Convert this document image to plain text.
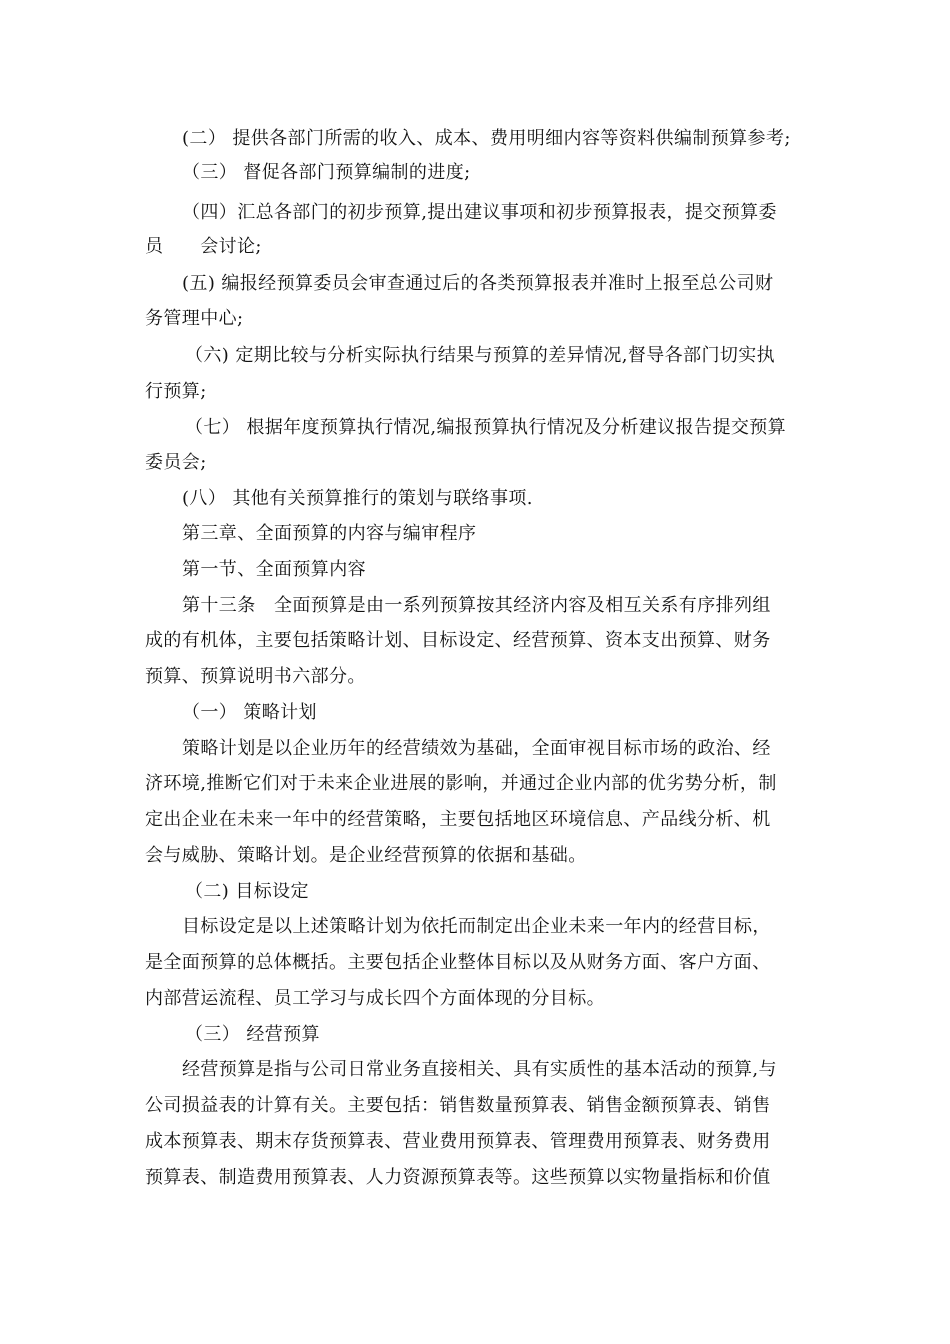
(二） 提供各部门所需的收入、成本、费用明细内容等资料供编制预算参考;
（三） 督促各部门预算编制的进度;
（四）汇总各部门的初步预算,提出建议事项和初步预算报表，提交预算委
员　　会讨论;
(五) 编报经预算委员会审查通过后的各类预算报表并准时上报至总公司财
务管理中心;
（六) 定期比较与分析实际执行结果与预算的差异情况,督导各部门切实执
行预算;
（七） 根据年度预算执行情况,编报预算执行情况及分析建议报告提交预算
委员会;
(八） 其他有关预算推行的策划与联络事项.
第三章、全面预算的内容与编审程序
第一节、全面预算内容
第十三条　全面预算是由一系列预算按其经济内容及相互关系有序排列组
成的有机体，主要包括策略计划、目标设定、经营预算、资本支出预算、财务
预算、预算说明书六部分。
（一） 策略计划
策略计划是以企业历年的经营绩效为基础，全面审视目标市场的政治、经
济环境,推断它们对于未来企业进展的影响，并通过企业内部的优劣势分析，制
定出企业在未来一年中的经营策略，主要包括地区环境信息、产品线分析、机
会与威胁、策略计划。是企业经营预算的依据和基础。
（二) 目标设定
目标设定是以上述策略计划为依托而制定出企业未来一年内的经营目标，
是全面预算的总体概括。主要包括企业整体目标以及从财务方面、客户方面、
内部营运流程、员工学习与成长四个方面体现的分目标。
（三） 经营预算
经营预算是指与公司日常业务直接相关、具有实质性的基本活动的预算,与
公司损益表的计算有关。主要包括：销售数量预算表、销售金额预算表、销售
成本预算表、期末存货预算表、营业费用预算表、管理费用预算表、财务费用
预算表、制造费用预算表、人力资源预算表等。这些预算以实物量指标和价值
